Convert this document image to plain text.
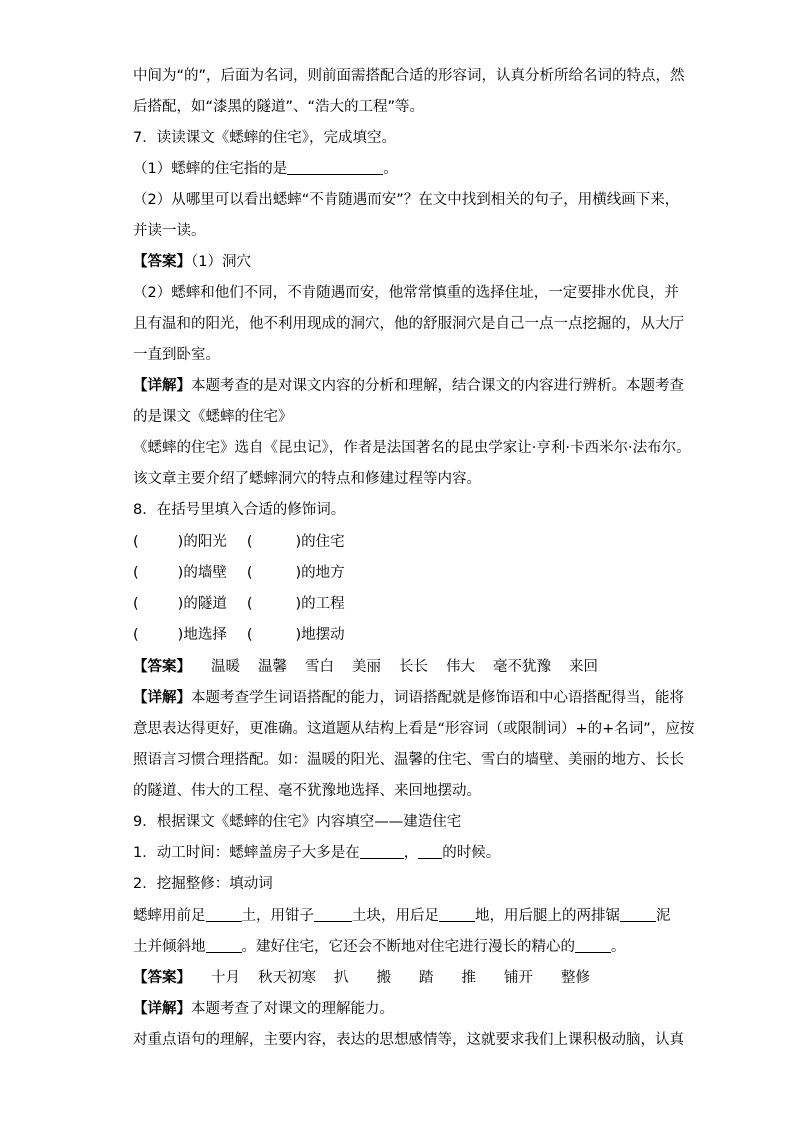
中间为“的”，后面为名词，则前面需搭配合适的形容词，认真分析所给名词的特点，然
后搭配，如“漆黑的隧道”、“浩大的工程”等。
7．读读课文《蟋蟀的住宅》，完成填空。
（1）蟋蟀的住宅指的是	。
（2）从哪里可以看出蟋蟀“不肯随遇而安”？在文中找到相关的句子，用横线画下来，
并读一读。
【答案】（1）洞穴
（2）蟋蟀和他们不同，不肯随遇而安，他常常慎重的选择住址，一定要排水优良，并
且有温和的阳光，他不利用现成的洞穴，他的舒服洞穴是自己一点一点挖掘的，从大厅
一直到卧室。
【详解】本题考查的是对课文内容的分析和理解，结合课文的内容进行辨析。本题考查
的是课文《蟋蟀的住宅》
《蟋蟀的住宅》选自《昆虫记》，作者是法国著名的昆虫学家让·亨利·卡西米尔·法布尔。
该文章主要介绍了蟋蟀洞穴的特点和修建过程等内容。
8．在括号里填入合适的修饰词。
(	)的阳光 (	)的住宅
(	)的墙壁 (	)的地方
(	)的隧道 (	)的工程
(	)地选择 (	)地摆动
【答案】 温暖 温馨 雪白 美丽 长长 伟大 毫不犹豫 来回
【详解】本题考查学生词语搭配的能力，词语搭配就是修饰语和中心语搭配得当，能将
意思表达得更好，更准确。这道题从结构上看是“形容词（或限制词）+的+名词”，应按
照语言习惯合理搭配。如：温暖的阳光、温馨的住宅、雪白的墙壁、美丽的地方、长长
的隧道、伟大的工程、毫不犹豫地选择、来回地摆动。
9．根据课文《蟋蟀的住宅》内容填空——建造住宅
1．动工时间：蟋蟀盖房子大多是在	， 的时候。
2．挖掘整修：填动词
蟋蟀用前足 土，用钳子	土块，用后足 地，用后腿上的两排锯 泥
土并倾斜地 。建好住宅，它还会不断地对住宅进行漫长的精心的 。
【答案】 十月 秋天初寒 扒 搬 踏 推 铺开 整修
【详解】本题考查了对课文的理解能力。
对重点语句的理解，主要内容，表达的思想感情等，这就要求我们上课积极动脑，认真
